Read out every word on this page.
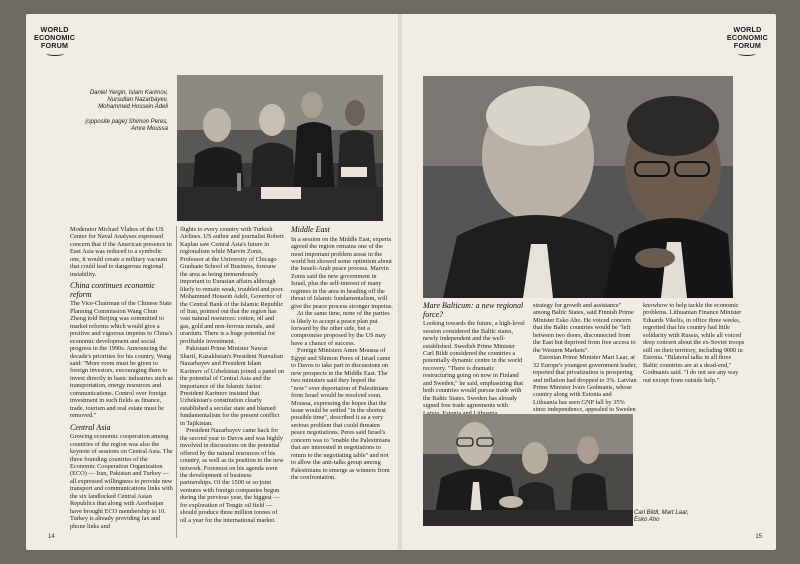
WORLD
ECONOMIC
FORUM

Daniel Yergin, Islam Karimov,

Nursultan Nazarbayev,

Mohammed Hossein Adeli

(opposite page) Shimon Peres,

Amre Moussa

Moderator Michael Vlahos of the US Center for Naval Analyses expressed concern that if the American presence in East Asia was reduced to a symbolic one, it would create a military vacuum that could lead to dangerous regional instability.

China continues economic reform

The Vice-Chairman of the Chinese State Planning Commission Wang Chun Zheng told Beijing was committed to market reforms which would give a positive and vigorous impetus to China's economic development and social progress in the 1990s. Announcing the decade's priorities for his country, Wang said: "More room must be given to foreign investors, encouraging them to invest directly in basic industries such as transportation, energy resources and communications. Control over foreign investment in such fields as finance, trade, tourism and real estate must be removed."

Central Asia

Growing economic cooperation among countries of the region was also the keynote of sessions on Central Asia. The three founding countries of the Economic Cooperation Organization (ECO) — Iran, Pakistan and Turkey — all expressed willingness to provide new transport and communications links with the six landlocked Central Asian Republics that along with Azerbaijan have brought ECO membership to 10. Turkey is already providing fax and phone links and

flights to every country with Turkish Airlines. US author and journalist Robert Kaplan saw Central Asia's future in regionalism while Marvin Zonis, Professor at the University of Chicago Graduate School of Business, foresaw the area as being tremendously important to Eurasian affairs although likely to remain weak, troubled and poor. Mohammed Hossein Adeli, Governor of the Central Bank of the Islamic Republic of Iran, pointed out that the region has vast natural resources: cotton, oil and gas, gold and non-ferrous metals, and uranium. There is a huge potential for profitable investment.

Pakistani Prime Minister Nawaz Sharif, Kazakhstan's President Nursultan Nazarbayev and President Islam Karimov of Uzbekistan joined a panel on the potential of Central Asia and the importance of the Islamic factor. President Karimov insisted that Uzbekistan's constitution clearly established a secular state and blamed fundamentalism for the present conflict in Tajikistan.

President Nazarbayev came back for the second year to Davos and was highly involved in discussions on the potential offered by the natural resources of his country, as well as its position in the new network. Foremost on his agenda were the development of business partnerships. Of the 1500 or so joint ventures with foreign companies begun during the previous year, the biggest — for exploration of Tengiz oil field — should produce three million tonnes of oil a year for the international market.

Middle East

In a session on the Middle East, experts agreed the region remains one of the most important problem areas in the world but showed some optimism about the Israeli-Arab peace process. Marvin Zonis said the new government in Israel, plus the self-interest of many regimes in the area in heading off the threat of Islamic fundamentalism, will give the peace process stronger impetus.

At the same time, none of the parties is likely to accept a peace plan put forward by the other side, but a compromise proposed by the US may have a chance of success.

Foreign Ministers Amre Moussa of Egypt and Shimon Peres of Israel came to Davos to take part in discussions on new prospects in the Middle East. The two ministers said they hoped the "now" over deportation of Palestinians from Israel would be resolved soon. Moussa, expressing the hopes that the issue would be settled "in the shortest possible time", described it as a very serious problem that could threaten peace negotiations. Peres said Israel's concern was to "enable the Palestinians that are interested in negotiations to return to the negotiating table" and not to allow the anti-talks group among Palestinians to emerge as winners from the confrontation.

14
WORLD
ECONOMIC
FORUM
Mare Balticum: a new regional force?

Looking towards the future, a high-level session considered the Baltic states, newly independent and the well-established. Swedish Prime Minister Carl Bildt considered the countries a potentially dynamic centre in the world recovery. "There is dramatic restructuring going on now in Finland and Sweden," he said, emphasizing that both countries would pursue trade with the Baltic States. Sweden has already signed free trade agreements with

strategy for growth and assistance" among Baltic States, said Finnish Prime Minister Esko Aho. He voiced concern that the Baltic countries would be "left between two doors, disconnected from the East but deprived from free access to the Western Markets".

Estonian Prime Minister Mart Laar, at 32 Europe's youngest government leader, reported that privatization is prospering and inflation had dropped to 3%. Latvian Prime Minister Ivars Godmanis, whose country along with Estonia and Lithuania has seen GNP fall by 35% since independence, appealed to Sweden

knowhow to help tackle the economic problems. Lithuanian Finance Minister Eduards Vikelis, in office three weeks, regretted that his country had little solidarity with Russia, while all voiced deep concern about the ex-Soviet troops still on their territory, including 9000 in Estonia. "Bilateral talks in all three Baltic countries are at a dead-end," Godmanis said. "I do not see any way out except from outside help."

Carl Bildt, Mart Laar,

Esko Aho

15
